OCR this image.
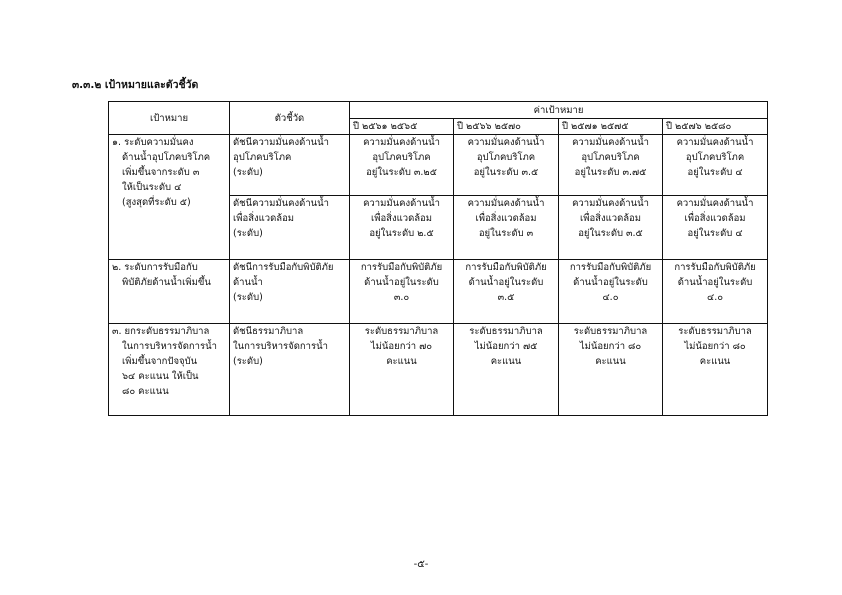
๓.๓.๒ เป้าหมายและตัวชี้วัด
เป้าหมาย	ตัวชี้วัด	ค่าเป้าหมาย			

		ปี ๒๕๖๑ ๒๕๖๕	ปี ๒๕๖๖ ๒๕๗๐	ปี ๒๕๗๑ ๒๕๗๕	ปี ๒๕๗๖ ๒๕๘๐

๑. ระดับความมั่นคง
ด้านน้ำอุปโภคบริโภค
เพิ่มขึ้นจากระดับ ๓
ให้เป็นระดับ ๔
(สูงสุดที่ระดับ ๕)	ดัชนีความมั่นคงด้านน้ำ
อุปโภคบริโภค
(ระดับ)	ความมั่นคงด้านน้ำ
อุปโภคบริโภค
อยู่ในระดับ ๓.๒๕	ความมั่นคงด้านน้ำ
อุปโภคบริโภค
อยู่ในระดับ ๓.๕	ความมั่นคงด้านน้ำ
อุปโภคบริโภค
อยู่ในระดับ ๓.๗๕	ความมั่นคงด้านน้ำ
อุปโภคบริโภค
อยู่ในระดับ ๔

	ดัชนีความมั่นคงด้านน้ำ
เพื่อสิ่งแวดล้อม
(ระดับ)	ความมั่นคงด้านน้ำ
เพื่อสิ่งแวดล้อม
อยู่ในระดับ ๒.๕	ความมั่นคงด้านน้ำ
เพื่อสิ่งแวดล้อม
อยู่ในระดับ ๓	ความมั่นคงด้านน้ำ
เพื่อสิ่งแวดล้อม
อยู่ในระดับ ๓.๕	ความมั่นคงด้านน้ำ
เพื่อสิ่งแวดล้อม
อยู่ในระดับ ๔

๒. ระดับการรับมือกับ
พิบัติภัยด้านน้ำเพิ่มขึ้น	ดัชนีการรับมือกับพิบัติภัย
ด้านน้ำ
(ระดับ)	การรับมือกับพิบัติภัย
ด้านน้ำอยู่ในระดับ
๓.๐	การรับมือกับพิบัติภัย
ด้านน้ำอยู่ในระดับ
๓.๕	การรับมือกับพิบัติภัย
ด้านน้ำอยู่ในระดับ
๔.๐	การรับมือกับพิบัติภัย
ด้านน้ำอยู่ในระดับ
๔.๐

๓. ยกระดับธรรมาภิบาล
ในการบริหารจัดการน้ำ
เพิ่มขึ้นจากปัจจุบัน
๖๔ คะแนน ให้เป็น
๘๐ คะแนน	ดัชนีธรรมาภิบาล
ในการบริหารจัดการน้ำ
(ระดับ)	ระดับธรรมาภิบาล
ไม่น้อยกว่า ๗๐
คะแนน	ระดับธรรมาภิบาล
ไม่น้อยกว่า ๗๕
คะแนน	ระดับธรรมาภิบาล
ไม่น้อยกว่า ๘๐
คะแนน	ระดับธรรมาภิบาล
ไม่น้อยกว่า ๘๐
คะแนน
-๕-
